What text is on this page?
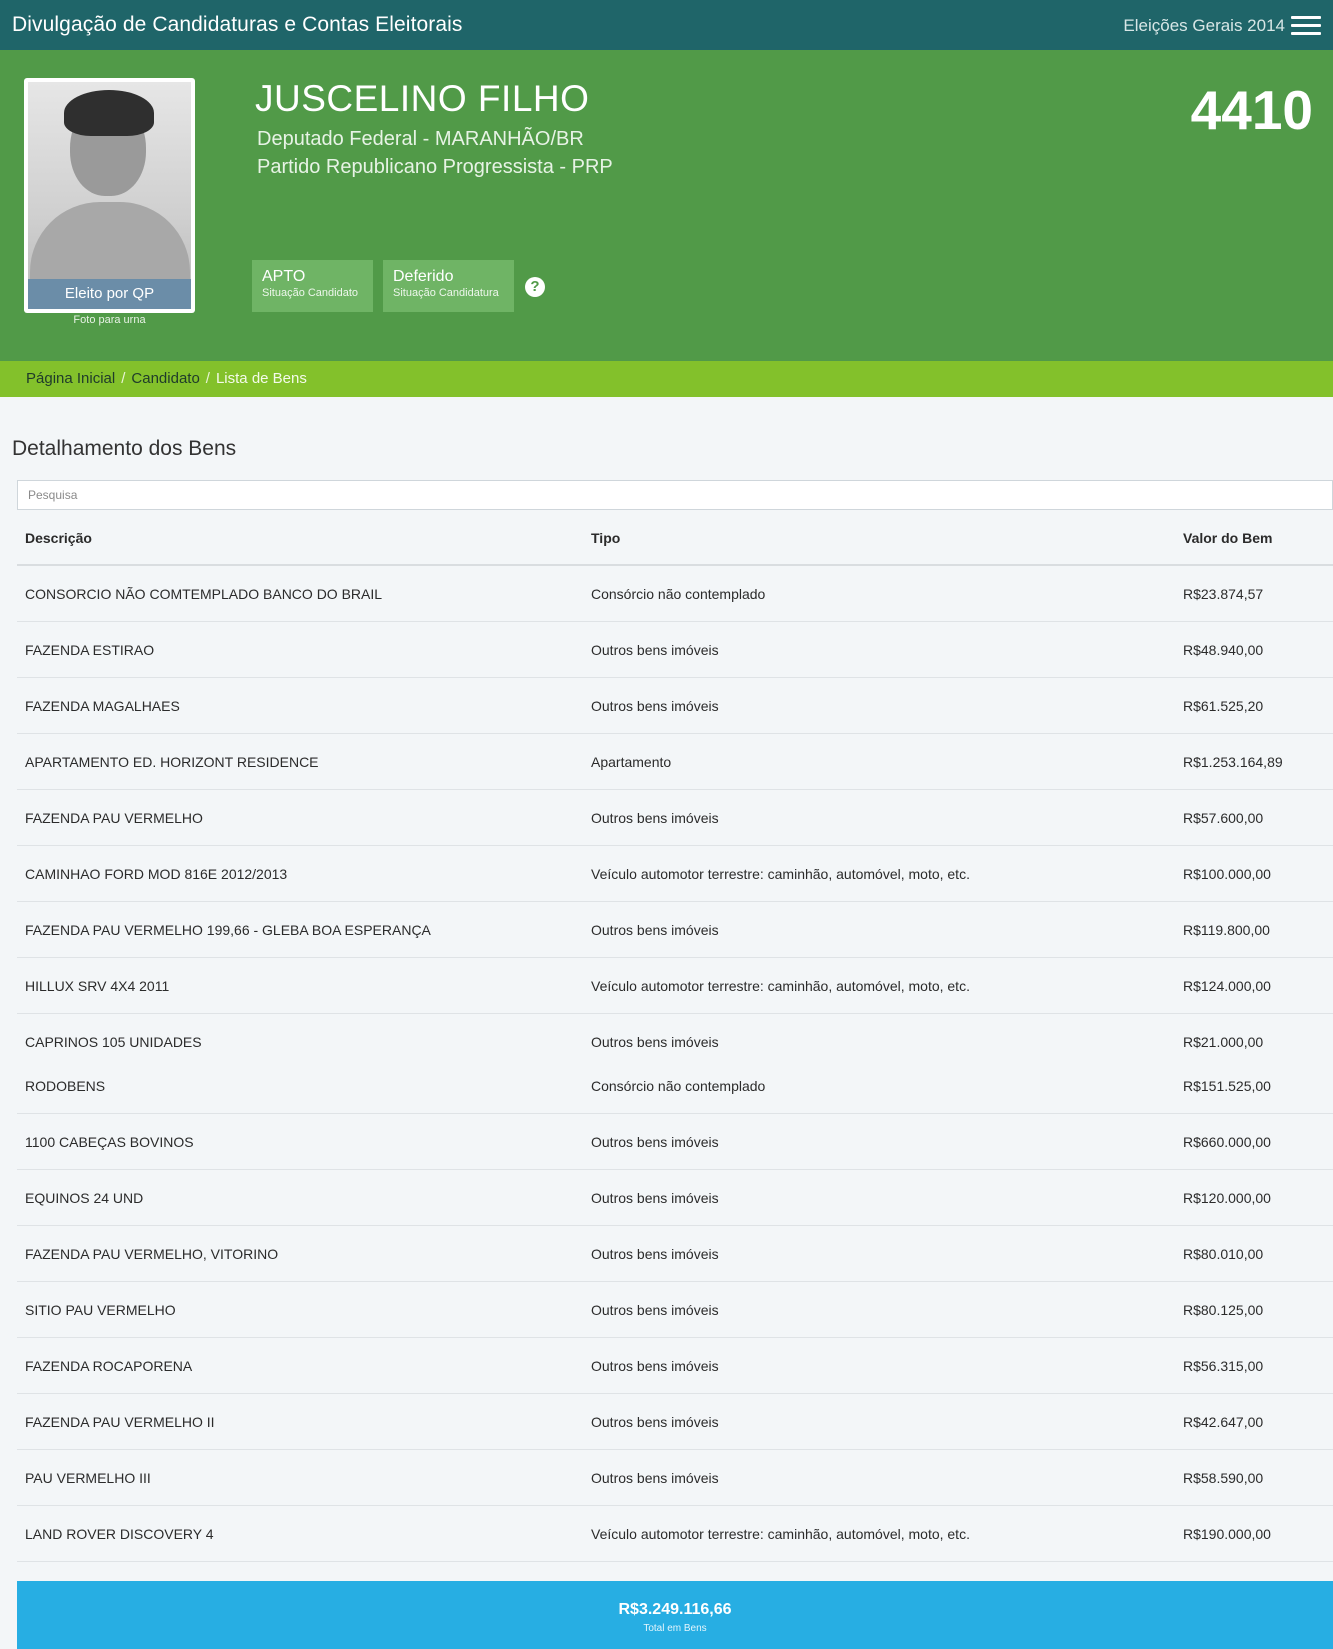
Divulgação de Candidaturas e Contas Eleitorais	Eleições Gerais 2014
Eleito por QP
Foto para urna
JUSCELINO FILHO
Deputado Federal - MARANHÃO/BR
Partido Republicano Progressista - PRP
4410
APTO
Situação Candidato
Deferido
Situação Candidatura	?
Página Inicial / Candidato / Lista de Bens
Detalhamento dos Bens
Pesquisa
Descrição	Tipo	Valor do Bem
CONSORCIO NÃO COMTEMPLADO BANCO DO BRAIL	Consórcio não contemplado	R$23.874,57
FAZENDA ESTIRAO	Outros bens imóveis	R$48.940,00
FAZENDA MAGALHAES	Outros bens imóveis	R$61.525,20
APARTAMENTO ED. HORIZONT RESIDENCE	Apartamento	R$1.253.164,89
FAZENDA PAU VERMELHO	Outros bens imóveis	R$57.600,00
CAMINHAO FORD MOD 816E 2012/2013	Veículo automotor terrestre: caminhão, automóvel, moto, etc.	R$100.000,00
FAZENDA PAU VERMELHO 199,66 - GLEBA BOA ESPERANÇA	Outros bens imóveis	R$119.800,00
HILLUX SRV 4X4 2011	Veículo automotor terrestre: caminhão, automóvel, moto, etc.	R$124.000,00
CAPRINOS 105 UNIDADES	Outros bens imóveis	R$21.000,00
RODOBENS	Consórcio não contemplado	R$151.525,00
1100 CABEÇAS BOVINOS	Outros bens imóveis	R$660.000,00
EQUINOS 24 UND	Outros bens imóveis	R$120.000,00
FAZENDA PAU VERMELHO, VITORINO	Outros bens imóveis	R$80.010,00
SITIO PAU VERMELHO	Outros bens imóveis	R$80.125,00
FAZENDA ROCAPORENA	Outros bens imóveis	R$56.315,00
FAZENDA PAU VERMELHO II	Outros bens imóveis	R$42.647,00
PAU VERMELHO III	Outros bens imóveis	R$58.590,00
LAND ROVER DISCOVERY 4	Veículo automotor terrestre: caminhão, automóvel, moto, etc.	R$190.000,00
R$3.249.116,66
Total em Bens
